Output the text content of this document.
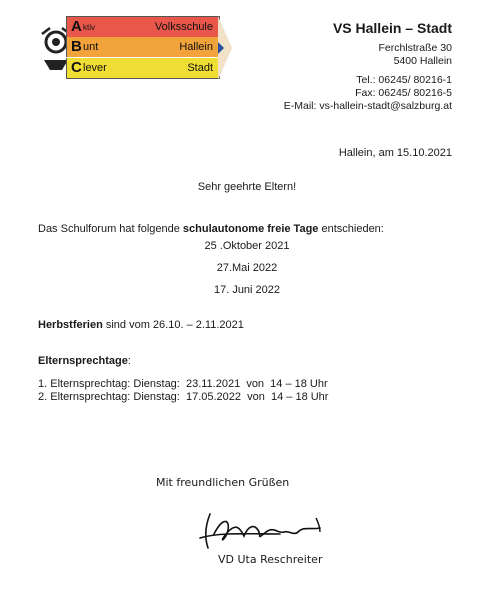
A ktiv	Volksschule
B unt	Hallein
C lever	Stadt
VS Hallein – Stadt
Ferchlstraße 30
5400 Hallein
Tel.: 06245/ 80216-1
Fax: 06245/ 80216-5
E-Mail: vs-hallein-stadt@salzburg.at
Hallein, am 15.10.2021
Sehr geehrte Eltern!
Das Schulforum hat folgende schulautonome freie Tage entschieden:
25 .Oktober 2021
27.Mai 2022
17. Juni 2022
Herbstferien sind vom 26.10. – 2.11.2021
Elternsprechtage:
1. Elternsprechtag: Dienstag:  23.11.2021  von  14 – 18 Uhr
2. Elternsprechtag: Dienstag:  17.05.2022  von  14 – 18 Uhr
Mit freundlichen Grüßen
VD Uta Reschreiter
